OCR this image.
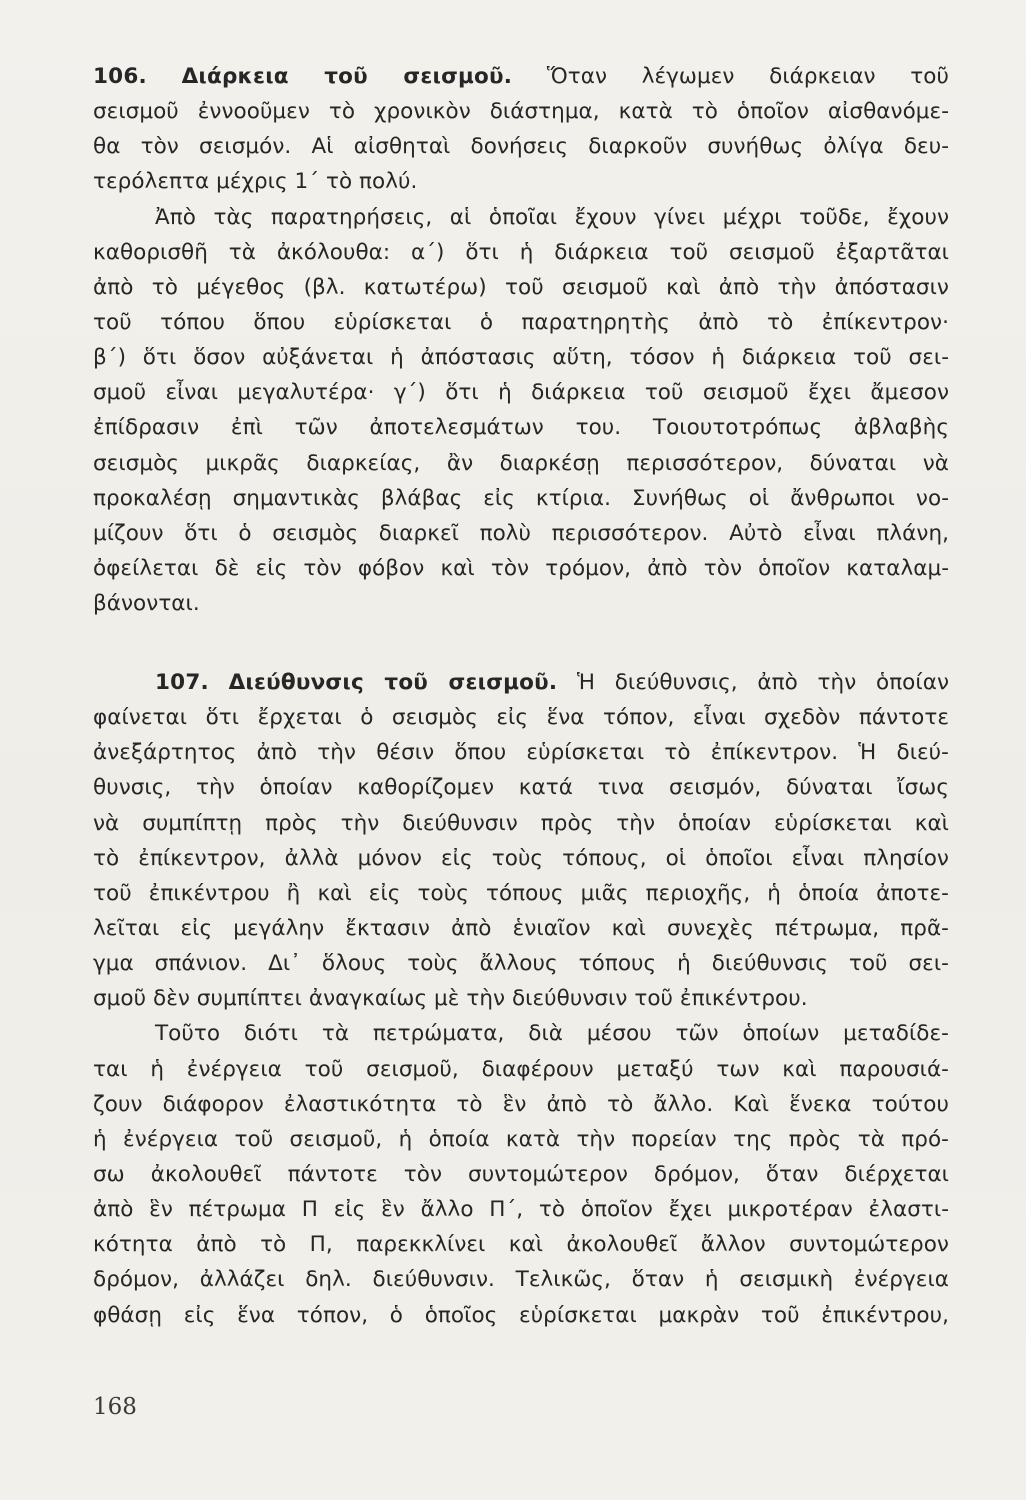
106. Διάρκεια τοῦ σεισμοῦ. Ὅταν λέγωμεν διάρκειαν τοῦ
σεισμοῦ ἐννοοῦμεν τὸ χρονικὸν διάστημα, κατὰ τὸ ὁποῖον αἰσθανόμε-
θα τὸν σεισμόν. Αἱ αἰσθηταὶ δονήσεις διαρκοῦν συνήθως ὀλίγα δευ-
τερόλεπτα μέχρις 1΄ τὸ πολύ.
Ἀπὸ τὰς παρατηρήσεις, αἱ ὁποῖαι ἔχουν γίνει μέχρι τοῦδε, ἔχουν
καθορισθῆ τὰ ἀκόλουθα: α΄) ὅτι ἡ διάρκεια τοῦ σεισμοῦ ἐξαρτᾶται
ἀπὸ τὸ μέγεθος (βλ. κατωτέρω) τοῦ σεισμοῦ καὶ ἀπὸ τὴν ἀπόστασιν
τοῦ τόπου ὅπου εὑρίσκεται ὁ παρατηρητὴς ἀπὸ τὸ ἐπίκεντρον·
β΄) ὅτι ὅσον αὐξάνεται ἡ ἀπόστασις αὕτη, τόσον ἡ διάρκεια τοῦ σει-
σμοῦ εἶναι μεγαλυτέρα· γ΄) ὅτι ἡ διάρκεια τοῦ σεισμοῦ ἔχει ἄμεσον
ἐπίδρασιν ἐπὶ τῶν ἀποτελεσμάτων του. Τοιουτοτρόπως ἀβλαβὴς
σεισμὸς μικρᾶς διαρκείας, ἂν διαρκέσῃ περισσότερον, δύναται νὰ
προκαλέσῃ σημαντικὰς βλάβας εἰς κτίρια. Συνήθως οἱ ἄνθρωποι νο-
μίζουν ὅτι ὁ σεισμὸς διαρκεῖ πολὺ περισσότερον. Αὐτὸ εἶναι πλάνη,
ὀφείλεται δὲ εἰς τὸν φόβον καὶ τὸν τρόμον, ἀπὸ τὸν ὁποῖον καταλαμ-
βάνονται.
107. Διεύθυνσις τοῦ σεισμοῦ. Ἡ διεύθυνσις, ἀπὸ τὴν ὁποίαν
φαίνεται ὅτι ἔρχεται ὁ σεισμὸς εἰς ἕνα τόπον, εἶναι σχεδὸν πάντοτε
ἀνεξάρτητος ἀπὸ τὴν θέσιν ὅπου εὑρίσκεται τὸ ἐπίκεντρον. Ἡ διεύ-
θυνσις, τὴν ὁποίαν καθορίζομεν κατά τινα σεισμόν, δύναται ἴσως
νὰ συμπίπτῃ πρὸς τὴν διεύθυνσιν πρὸς τὴν ὁποίαν εὑρίσκεται καὶ
τὸ ἐπίκεντρον, ἀλλὰ μόνον εἰς τοὺς τόπους, οἱ ὁποῖοι εἶναι πλησίον
τοῦ ἐπικέντρου ἢ καὶ εἰς τοὺς τόπους μιᾶς περιοχῆς, ἡ ὁποία ἀποτε-
λεῖται εἰς μεγάλην ἔκτασιν ἀπὸ ἑνιαῖον καὶ συνεχὲς πέτρωμα, πρᾶ-
γμα σπάνιον. Δι᾿ ὅλους τοὺς ἄλλους τόπους ἡ διεύθυνσις τοῦ σει-
σμοῦ δὲν συμπίπτει ἀναγκαίως μὲ τὴν διεύθυνσιν τοῦ ἐπικέντρου.
Τοῦτο διότι τὰ πετρώματα, διὰ μέσου τῶν ὁποίων μεταδίδε-
ται ἡ ἐνέργεια τοῦ σεισμοῦ, διαφέρουν μεταξύ των καὶ παρουσιά-
ζουν διάφορον ἐλαστικότητα τὸ ἓν ἀπὸ τὸ ἄλλο. Καὶ ἕνεκα τούτου
ἡ ἐνέργεια τοῦ σεισμοῦ, ἡ ὁποία κατὰ τὴν πορείαν της πρὸς τὰ πρό-
σω ἀκολουθεῖ πάντοτε τὸν συντομώτερον δρόμον, ὅταν διέρχεται
ἀπὸ ἓν πέτρωμα Π εἰς ἓν ἄλλο Π΄, τὸ ὁποῖον ἔχει μικροτέραν ἐλαστι-
κότητα ἀπὸ τὸ Π, παρεκκλίνει καὶ ἀκολουθεῖ ἄλλον συντομώτερον
δρόμον, ἀλλάζει δηλ. διεύθυνσιν. Τελικῶς, ὅταν ἡ σεισμικὴ ἐνέργεια
φθάσῃ εἰς ἕνα τόπον, ὁ ὁποῖος εὑρίσκεται μακρὰν τοῦ ἐπικέντρου,
168
